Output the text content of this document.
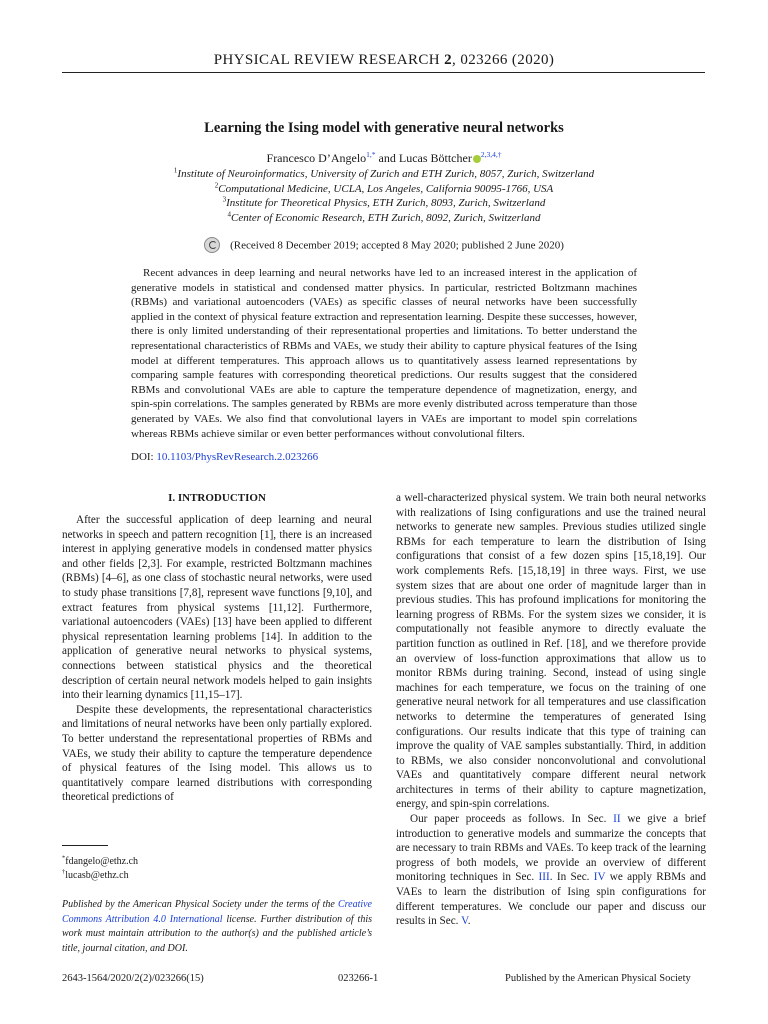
PHYSICAL REVIEW RESEARCH 2, 023266 (2020)
Learning the Ising model with generative neural networks
Francesco D’Angelo$^{1,*}$ and Lucas Böttcher $^{2,3,4,\dagger}$
$^1$Institute of Neuroinformatics, University of Zurich and ETH Zurich, 8057, Zurich, Switzerland
$^2$Computational Medicine, UCLA, Los Angeles, California 90095-1766, USA
$^3$Institute for Theoretical Physics, ETH Zurich, 8093, Zurich, Switzerland
$^4$Center of Economic Research, ETH Zurich, 8092, Zurich, Switzerland
(Received 8 December 2019; accepted 8 May 2020; published 2 June 2020)

Recent advances in deep learning and neural networks have led to an increased interest in the application of generative models in statistical and condensed matter physics. In particular, restricted Boltzmann machines (RBMs) and variational autoencoders (VAEs) as specific classes of neural networks have been successfully applied in the context of physical feature extraction and representation learning. Despite these successes, however, there is only limited understanding of their representational properties and limitations. To better understand the representational characteristics of RBMs and VAEs, we study their ability to capture physical features of the Ising model at different temperatures. This approach allows us to quantitatively assess learned representations by comparing sample features with corresponding theoretical predictions. Our results suggest that the considered RBMs and convolutional VAEs are able to capture the temperature dependence of magnetization, energy, and spin-spin correlations. The samples generated by RBMs are more evenly distributed across temperature than those generated by VAEs. We also find that convolutional layers in VAEs are important to model spin correlations whereas RBMs achieve similar or even better performances without convolutional filters.

DOI: 10.1103/PhysRevResearch.2.023266
I. INTRODUCTION

After the successful application of deep learning and neural networks in speech and pattern recognition [1], there is an increased interest in applying generative models in condensed matter physics and other fields [2,3]. For example, restricted Boltzmann machines (RBMs) [4–6], as one class of stochastic neural networks, were used to study phase transitions [7,8], represent wave functions [9,10], and extract features from physical systems [11,12]. Furthermore, variational autoencoders (VAEs) [13] have been applied to different physical representation learning problems [14]. In addition to the application of generative neural networks to physical systems, connections between statistical physics and the theoretical description of certain neural network models helped to gain insights into their learning dynamics [11,15–17].

Despite these developments, the representational characteristics and limitations of neural networks have been only partially explored. To better understand the representational properties of RBMs and VAEs, we study their ability to capture the temperature dependence of physical features of the Ising model. This allows us to quantitatively compare learned distributions with corresponding theoretical predictions of

a well-characterized physical system. We train both neural networks with realizations of Ising configurations and use the trained neural networks to generate new samples. Previous studies utilized single RBMs for each temperature to learn the distribution of Ising configurations that consist of a few dozen spins [15,18,19]. Our work complements Refs. [15,18,19] in three ways. First, we use system sizes that are about one order of magnitude larger than in previous studies. This has profound implications for monitoring the learning progress of RBMs. For the system sizes we consider, it is computationally not feasible anymore to directly evaluate the partition function as outlined in Ref. [18], and we therefore provide an overview of loss-function approximations that allow us to monitor RBMs during training. Second, instead of using single machines for each temperature, we focus on the training of one generative neural network for all temperatures and use classification networks to determine the temperatures of generated Ising configurations. Our results indicate that this type of training can improve the quality of VAE samples substantially. Third, in addition to RBMs, we also consider nonconvolutional and convolutional VAEs and quantitatively compare different neural network architectures in terms of their ability to capture magnetization, energy, and spin-spin correlations.

Our paper proceeds as follows. In Sec. II we give a brief introduction to generative models and summarize the concepts that are necessary to train RBMs and VAEs. To keep track of the learning progress of both models, we provide an overview of different monitoring techniques in Sec. III. In Sec. IV we apply RBMs and VAEs to learn the distribution of Ising spin configurations for different temperatures. We conclude our paper and discuss our results in Sec. V.

*fdangelo@ethz.ch
†lucasb@ethz.ch
Published by the American Physical Society under the terms of the Creative Commons Attribution 4.0 International license. Further distribution of this work must maintain attribution to the author(s) and the published article’s title, journal citation, and DOI.
2643-1564/2020/2(2)/023266(15)	023266-1	Published by the American Physical Society
